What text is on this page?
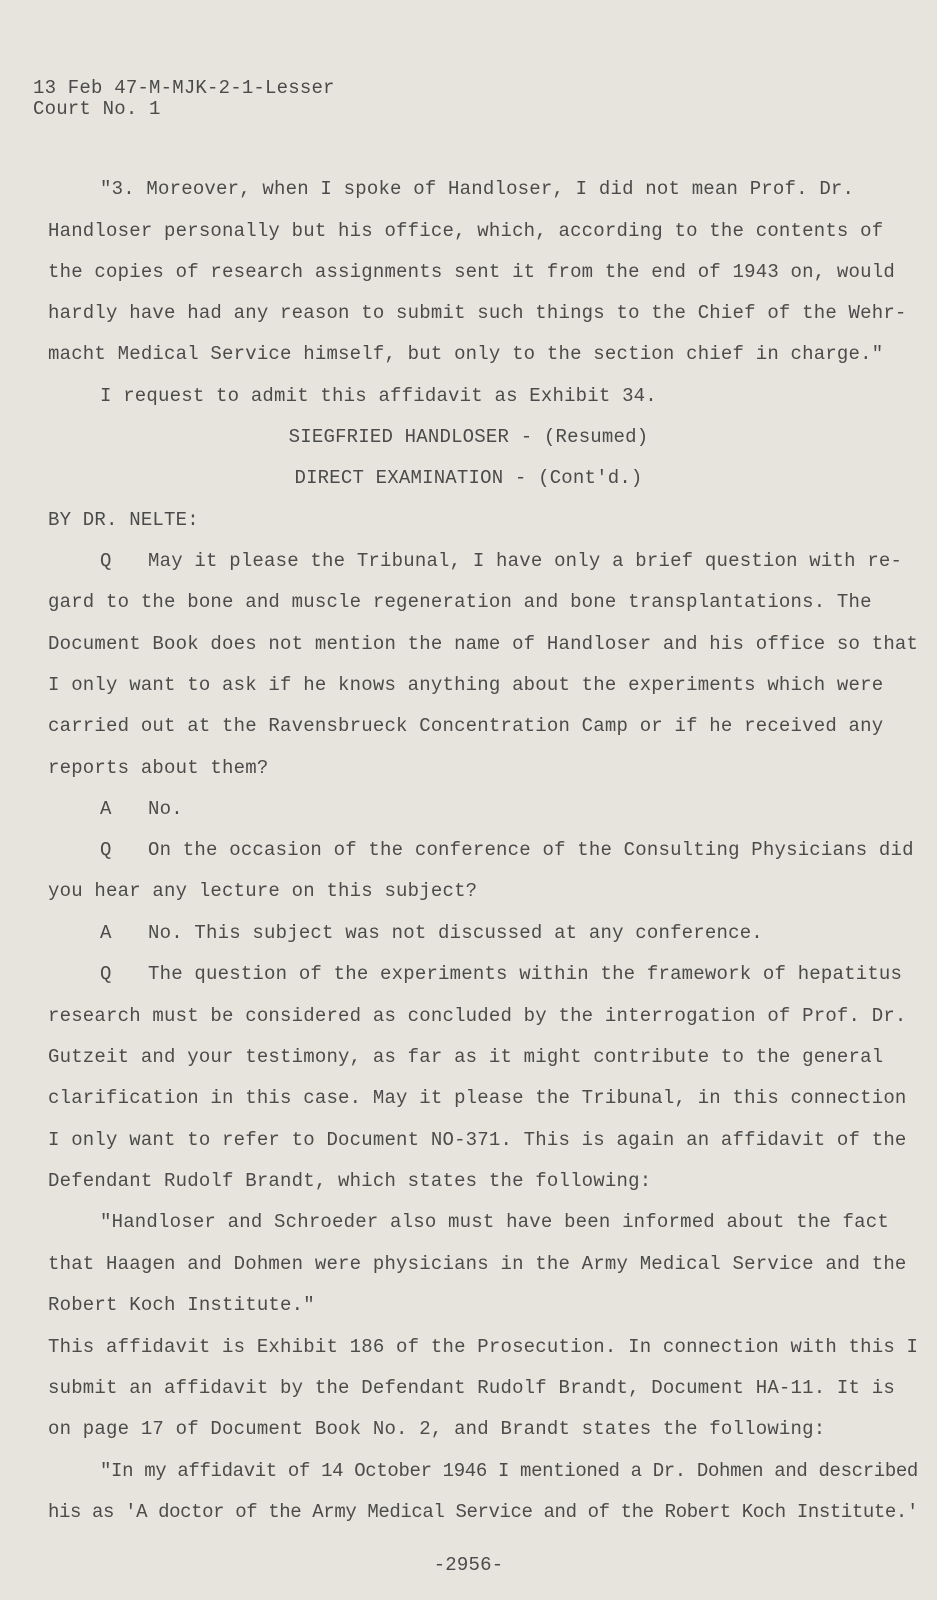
13 Feb 47-M-MJK-2-1-Lesser
Court No. 1
"3. Moreover, when I spoke of Handloser, I did not mean Prof. Dr.
Handloser personally but his office, which, according to the contents of
the copies of research assignments sent it from the end of 1943 on, would
hardly have had any reason to submit such things to the Chief of the Wehr-
macht Medical Service himself, but only to the section chief in charge."
I request to admit this affidavit as Exhibit 34.
SIEGFRIED HANDLOSER - (Resumed)
DIRECT EXAMINATION - (Cont'd.)
BY DR. NELTE:
Q May it please the Tribunal, I have only a brief question with re-
gard to the bone and muscle regeneration and bone transplantations. The
Document Book does not mention the name of Handloser and his office so that
I only want to ask if he knows anything about the experiments which were
carried out at the Ravensbrueck Concentration Camp or if he received any
reports about them?
A No.
Q On the occasion of the conference of the Consulting Physicians did
you hear any lecture on this subject?
A No. This subject was not discussed at any conference.
Q The question of the experiments within the framework of hepatitus
research must be considered as concluded by the interrogation of Prof. Dr.
Gutzeit and your testimony, as far as it might contribute to the general
clarification in this case. May it please the Tribunal, in this connection
I only want to refer to Document NO-371. This is again an affidavit of the
Defendant Rudolf Brandt, which states the following:
"Handloser and Schroeder also must have been informed about the fact
that Haagen and Dohmen were physicians in the Army Medical Service and the
Robert Koch Institute."
This affidavit is Exhibit 186 of the Prosecution. In connection with this I
submit an affidavit by the Defendant Rudolf Brandt, Document HA-11. It is
on page 17 of Document Book No. 2, and Brandt states the following:
"In my affidavit of 14 October 1946 I mentioned a Dr. Dohmen and described
his as 'A doctor of the Army Medical Service and of the Robert Koch Institute.'
-2956-
